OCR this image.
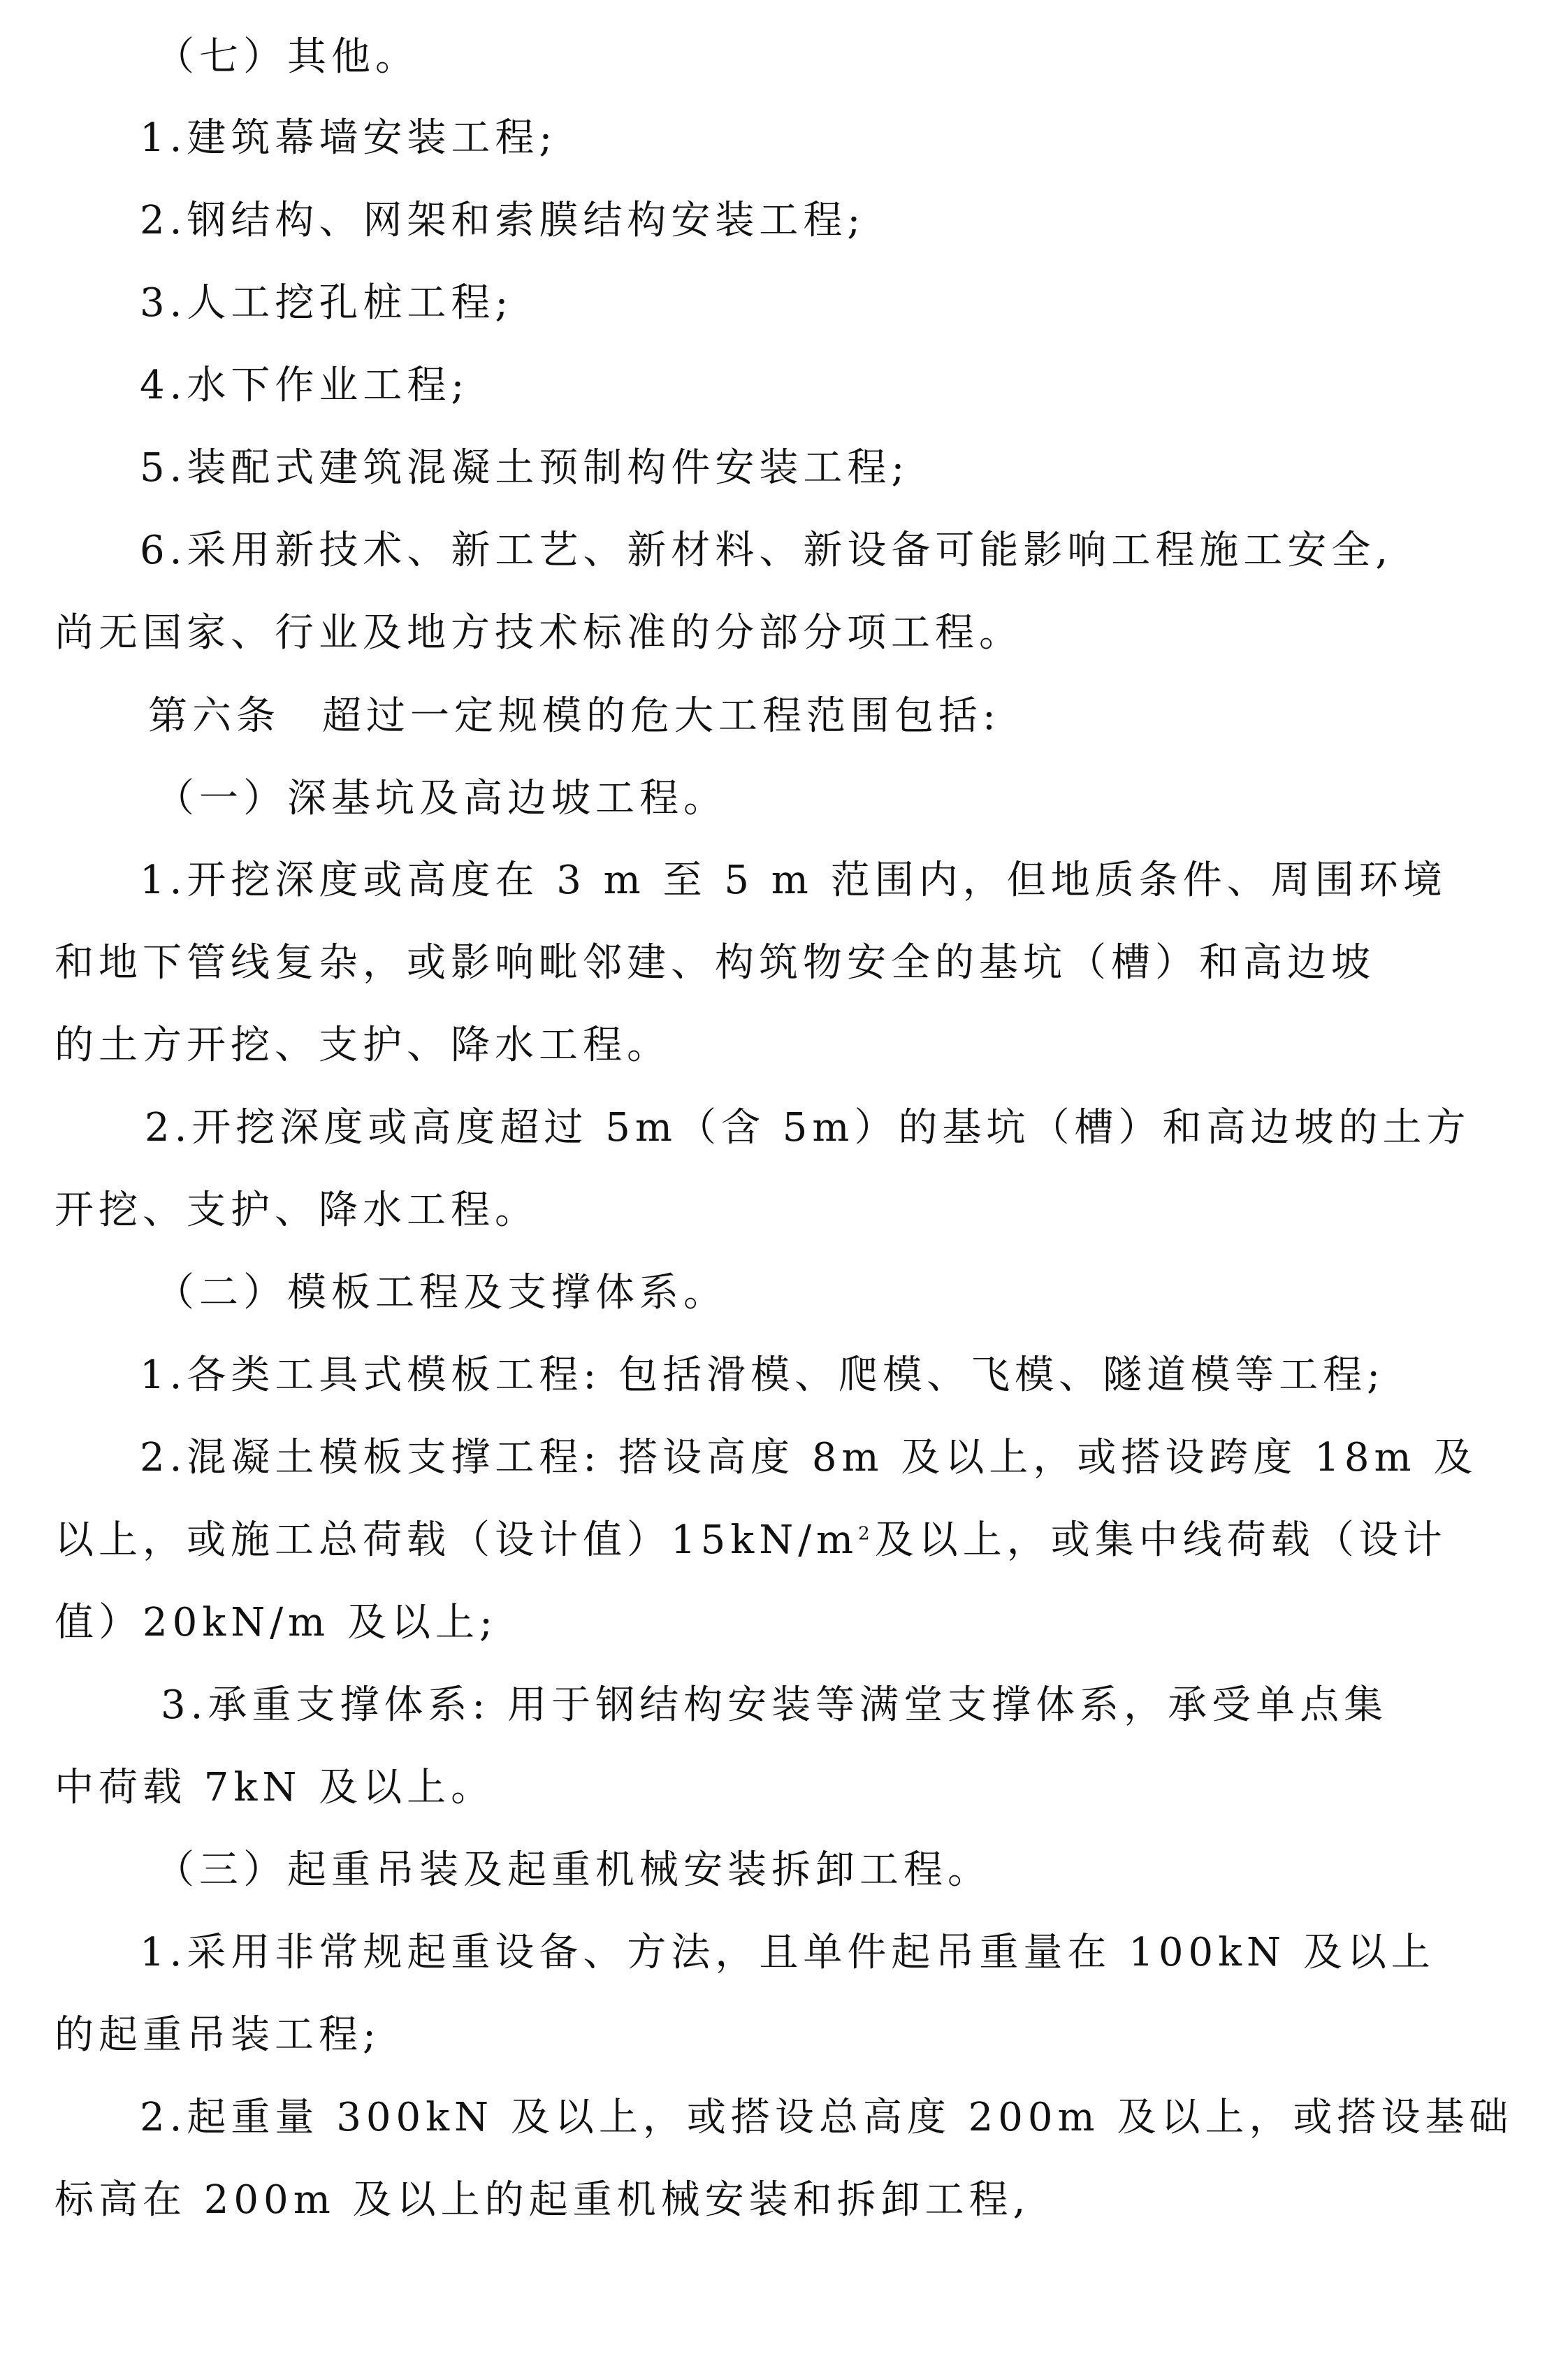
（七）其他。

1.建筑幕墙安装工程;

2.钢结构、网架和索膜结构安装工程;

3.人工挖孔桩工程;

4.水下作业工程;

5.装配式建筑混凝土预制构件安装工程;

6.采用新技术、新工艺、新材料、新设备可能影响工程施工安全,

尚无国家、行业及地方技术标准的分部分项工程。

第六条 超过一定规模的危大工程范围包括:

（一）深基坑及高边坡工程。

1.开挖深度或高度在 3 m 至 5 m 范围内，但地质条件、周围环境

和地下管线复杂，或影响毗邻建、构筑物安全的基坑（槽）和高边坡

的土方开挖、支护、降水工程。

2.开挖深度或高度超过 5m（含 5m）的基坑（槽）和高边坡的土方

开挖、支护、降水工程。

（二）模板工程及支撑体系。

1.各类工具式模板工程: 包括滑模、爬模、飞模、隧道模等工程;

2.混凝土模板支撑工程: 搭设高度 8m 及以上，或搭设跨度 18m 及

以上，或施工总荷载（设计值）$15kN/m^2$及以上，或集中线荷载（设计

值）20kN/m 及以上;

3.承重支撑体系: 用于钢结构安装等满堂支撑体系，承受单点集

中荷载 7kN 及以上。

（三）起重吊装及起重机械安装拆卸工程。

1.采用非常规起重设备、方法，且单件起吊重量在 100kN 及以上

的起重吊装工程;

2.起重量 300kN 及以上，或搭设总高度 200m 及以上，或搭设基础

标高在 200m 及以上的起重机械安装和拆卸工程,
